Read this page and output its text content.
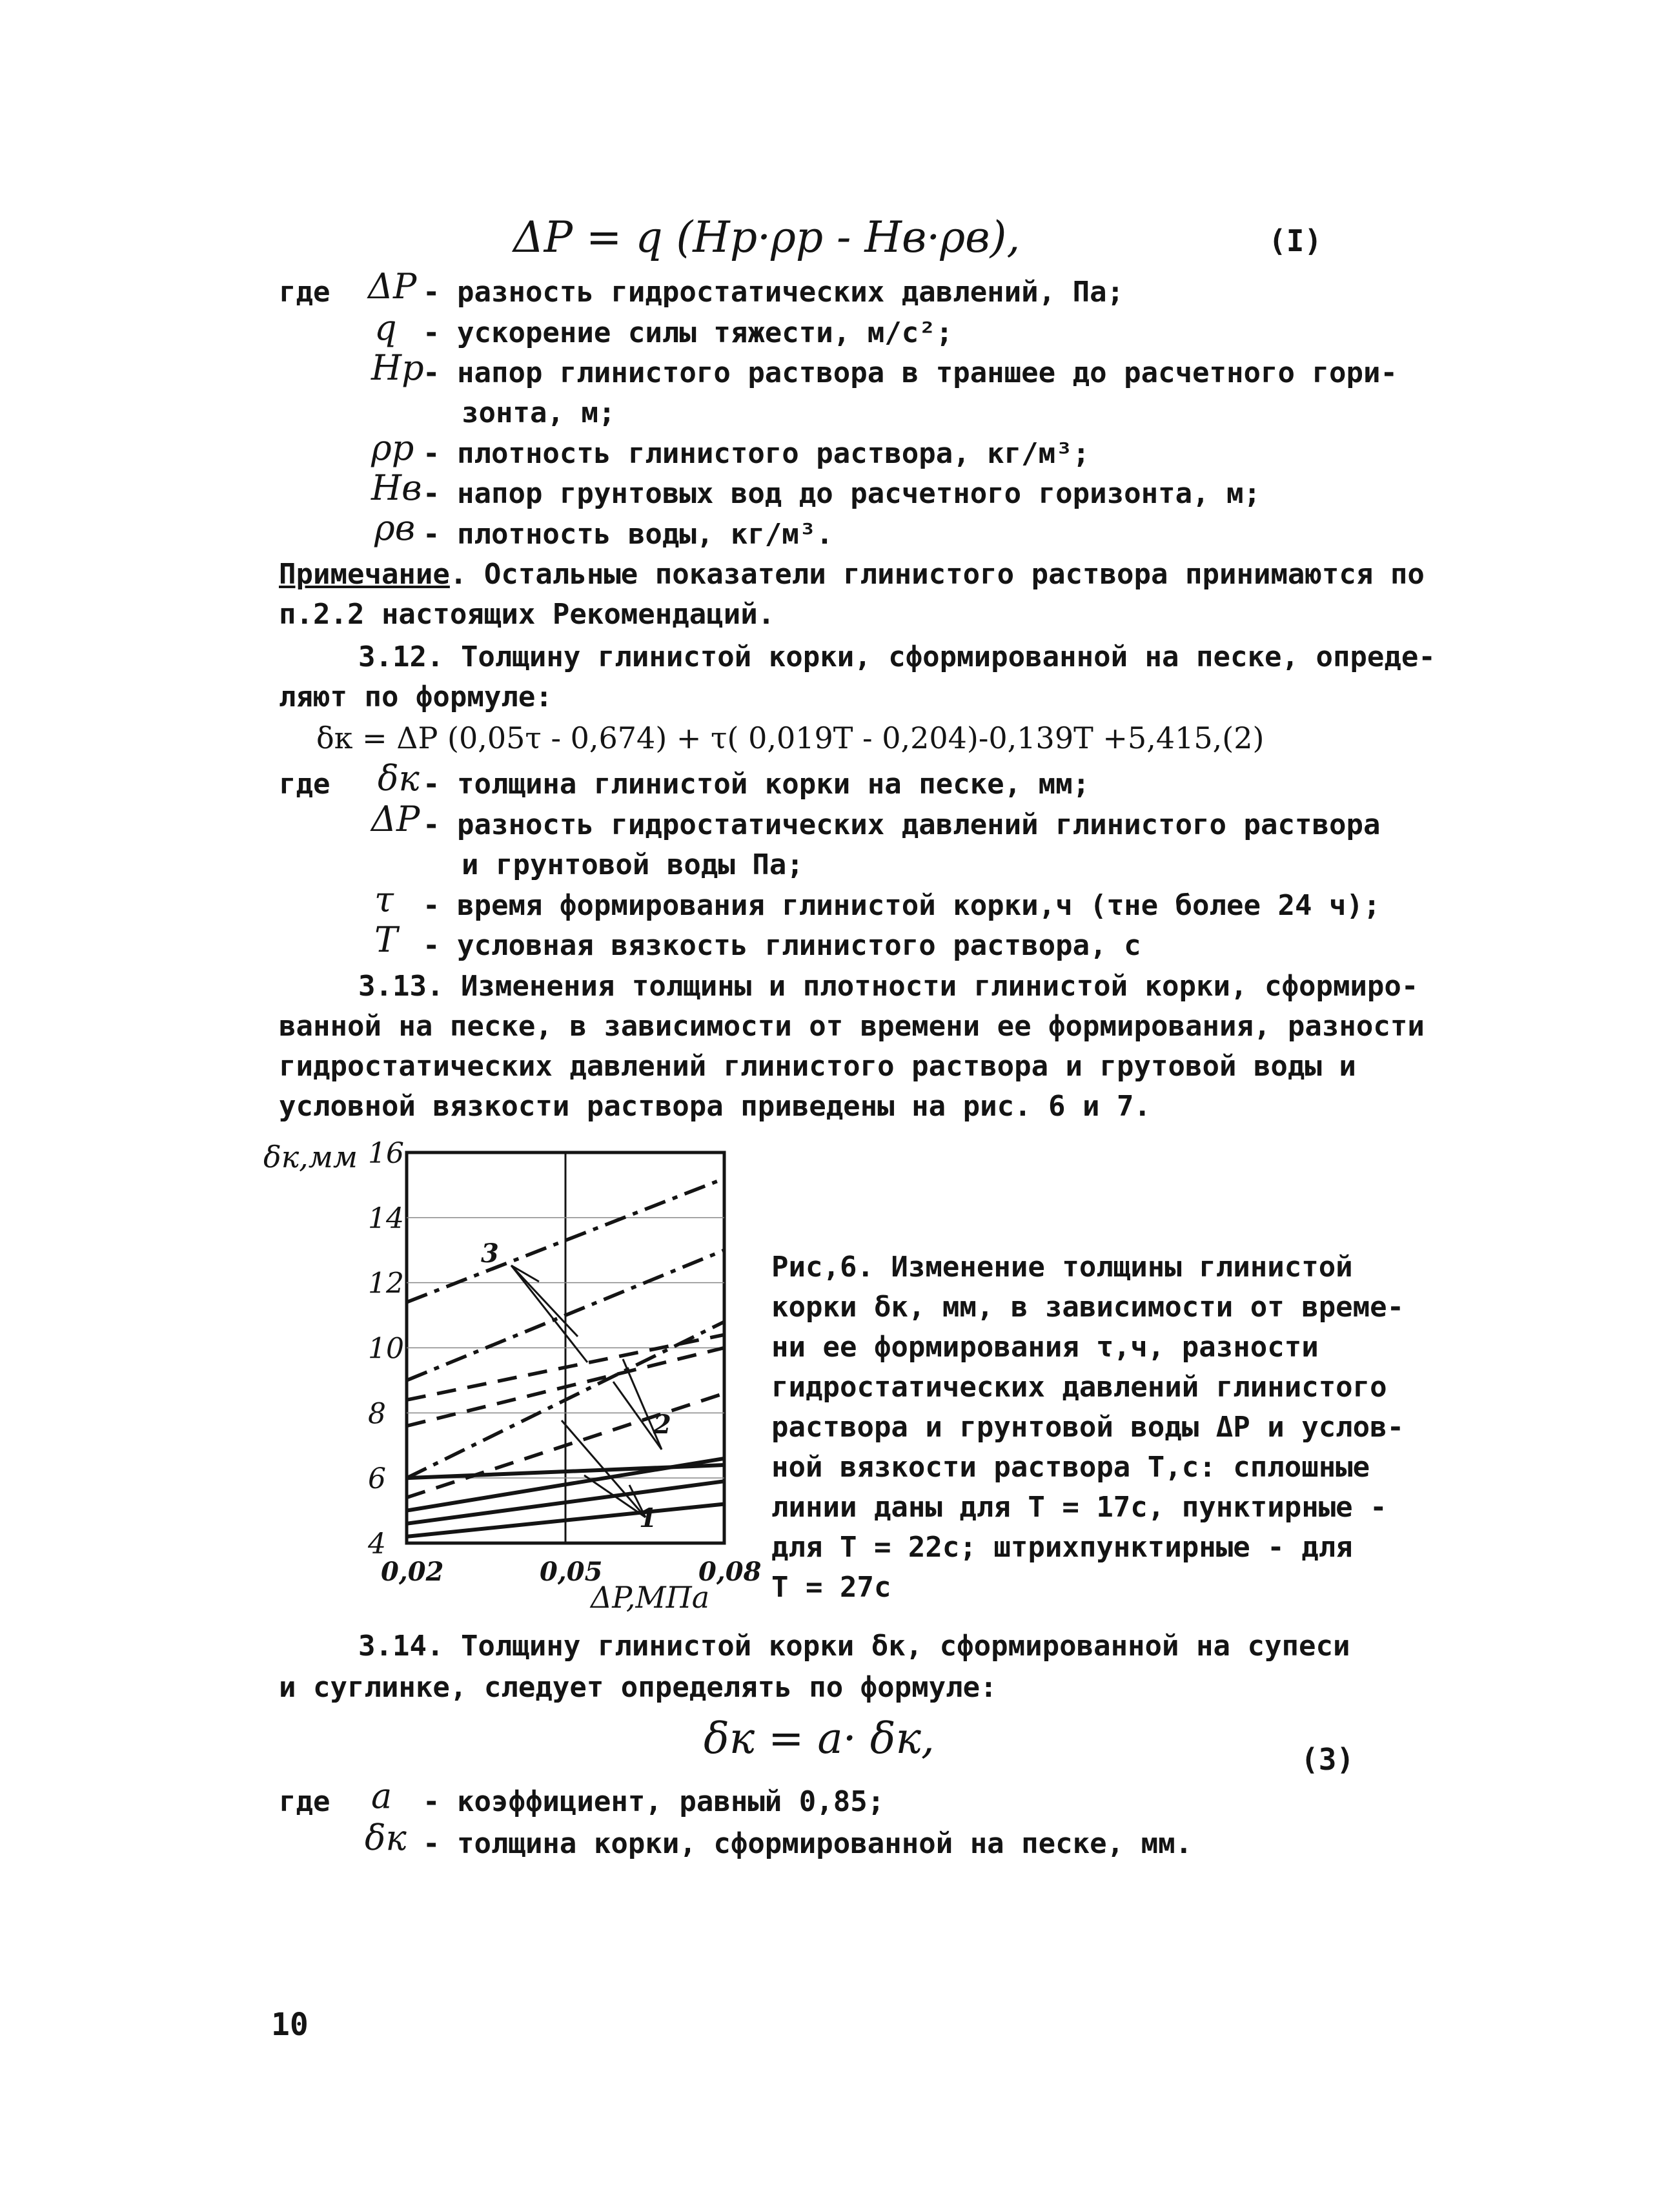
ΔP = q (Hp·ρp - Hв·ρв),	(I)
где ΔP - разность гидростатических давлений, Па;
q - ускорение силы тяжести, м/с²;
Hp
- напор глинистого раствора в траншее до расчетного гори-
зонта, м;
ρp - плотность глинистого раствора, кг/м³;
Hв - напор грунтовых вод до расчетного горизонта, м;
ρв - плотность воды, кг/м³.
Примечание. Остальные показатели глинистого раствора принимаются по
п.2.2 настоящих Рекомендаций.
3.12. Толщину глинистой корки, сформированной на песке, опреде-
ляют по формуле:
δк = ΔP (0,05τ - 0,674) + τ( 0,019T - 0,204)-0,139T +5,415,(2)
где δк - толщина глинистой корки на песке, мм;
ΔP - разность гидростатических давлений глинистого раствора
и грунтовой воды Па;
τ - время формирования глинистой корки,ч (τне более 24 ч);
T - условная вязкость глинистого раствора, с
3.13. Изменения толщины и плотности глинистой корки, сформиро-
ванной на песке, в зависимости от времени ее формирования, разности
гидростатических давлений глинистого раствора и грутовой воды и
условной вязкости раствора приведены на рис. 6 и 7.
16
14
12
10
8
6
4
0,02	0,05	0,08
δк,мм
ΔP,МПа
3
2
1
Рис,6. Изменение толщины глинистой
корки δк, мм, в зависимости от време-
ни ее формирования τ,ч, разности
гидростатических давлений глинистого
раствора и грунтовой воды ΔP и услов-
ной вязкости раствора Т,с: сплошные
линии даны для Т = 17с, пунктирные -
для Т = 22с; штрихпунктирные - для
Т = 27с
3.14. Толщину глинистой корки δк, сформированной на супеси
и суглинке, следует определять по формуле:
δк = a· δк,	(3)
где a - коэффициент, равный 0,85;
δк - толщина корки, сформированной на песке, мм.
10
